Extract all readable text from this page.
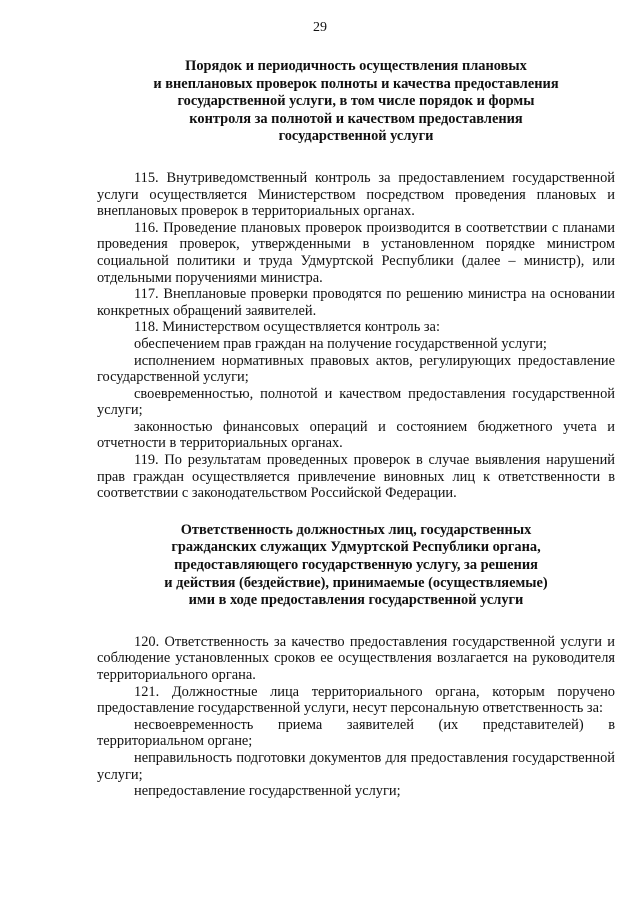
29
Порядок и периодичность осуществления плановых
и внеплановых проверок полноты и качества предоставления
государственной услуги, в том числе порядок и формы
контроля за полнотой и качеством предоставления
государственной услуги

115. Внутриведомственный контроль за предоставлением государственной услуги осуществляется Министерством посредством проведения плановых и внеплановых проверок в территориальных органах.

116. Проведение плановых проверок производится в соответствии с планами проведения проверок, утвержденными в установленном порядке министром социальной политики и труда Удмуртской Республики (далее – министр), или отдельными поручениями министра.

117. Внеплановые проверки проводятся по решению министра на основании конкретных обращений заявителей.

118. Министерством осуществляется контроль за:

обеспечением прав граждан на получение государственной услуги;

исполнением нормативных правовых актов, регулирующих предоставление государственной услуги;

своевременностью, полнотой и качеством предоставления государственной услуги;

законностью финансовых операций и состоянием бюджетного учета и отчетности в территориальных органах.

119. По результатам проведенных проверок в случае выявления нарушений прав граждан осуществляется привлечение виновных лиц к ответственности в соответствии с законодательством Российской Федерации.

Ответственность должностных лиц, государственных
гражданских служащих Удмуртской Республики органа,
предоставляющего государственную услугу, за решения
и действия (бездействие), принимаемые (осуществляемые)
ими в ходе предоставления государственной услуги

120. Ответственность за качество предоставления государственной услуги и соблюдение установленных сроков ее осуществления возлагается на руководителя территориального органа.

121. Должностные лица территориального органа, которым поручено предоставление государственной услуги, несут персональную ответственность за:

несвоевременность приема заявителей (их представителей) в территориальном органе;

неправильность подготовки документов для предоставления государственной услуги;

непредоставление государственной услуги;
